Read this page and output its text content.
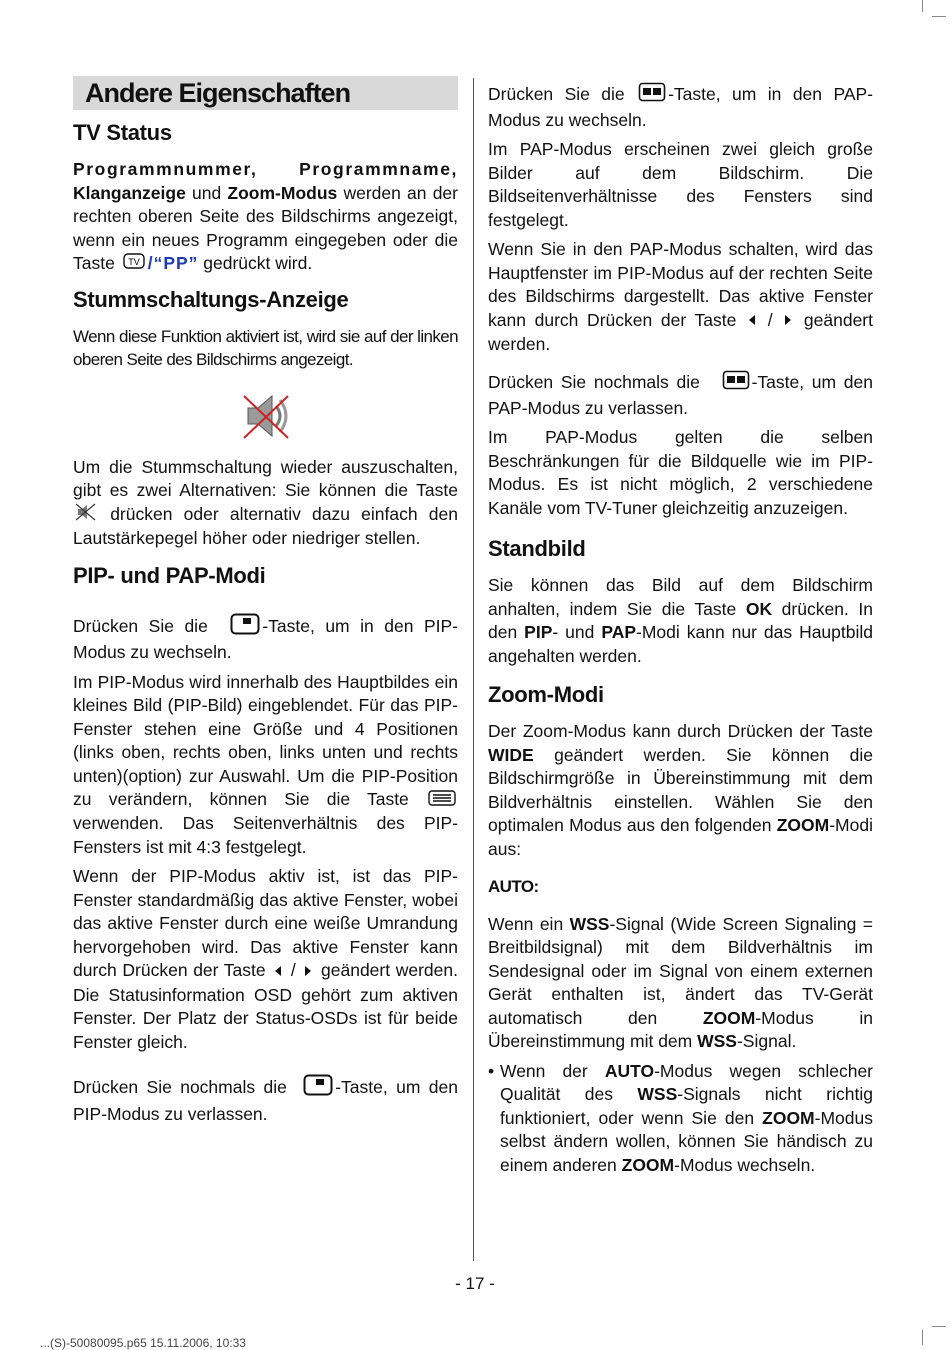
Andere Eigenschaften
TV Status

Programmnummer, Programmname, Klanganzeige und Zoom-Modus werden an der rechten oberen Seite des Bildschirms angezeigt, wenn ein neues Programm eingegeben oder die Taste TV /“PP” gedrückt wird.

Stummschaltungs-Anzeige

Wenn diese Funktion aktiviert ist, wird sie auf der linken oberen Seite des Bildschirms angezeigt.

Um die Stummschaltung wieder auszuschalten, gibt es zwei Alternativen: Sie können die Taste  drücken oder alternativ dazu einfach den Lautstärkepegel höher oder niedriger stellen.

PIP- und PAP-Modi

Drücken Sie die	-Taste, um in den PIP-Modus zu wechseln.

Im PIP-Modus wird innerhalb des Hauptbildes ein kleines Bild (PIP-Bild) eingeblendet. Für das PIP-Fenster stehen eine Größe und 4 Positionen (links oben, rechts oben, links unten und rechts unten)(option) zur Auswahl. Um die PIP-Position zu verändern, können Sie die Taste  verwenden. Das Seitenverhältnis des PIP-Fensters ist mit 4:3 festgelegt.

Wenn der PIP-Modus aktiv ist, ist das PIP-Fenster standardmäßig das aktive Fenster, wobei das aktive Fenster durch eine weiße Umrandung hervorgehoben wird. Das aktive Fenster kann durch Drücken der Taste  /  geändert werden. Die Statusinformation OSD gehört zum aktiven Fenster. Der Platz der Status-OSDs ist für beide Fenster gleich.

Drücken Sie nochmals die -Taste, um den PIP-Modus zu verlassen.

Drücken Sie die -Taste, um in den PAP-Modus zu wechseln.

Im PAP-Modus erscheinen zwei gleich große Bilder auf dem Bildschirm. Die Bildseitenverhältnisse des Fensters sind festgelegt.

Wenn Sie in den PAP-Modus schalten, wird das Hauptfenster im PIP-Modus auf der rechten Seite des Bildschirms dargestellt. Das aktive Fenster kann durch Drücken der Taste  /  geändert werden.

Drücken Sie nochmals die	-Taste, um den PAP-Modus zu verlassen.

Im PAP-Modus gelten die selben Beschränkungen für die Bildquelle wie im PIP-Modus. Es ist nicht möglich, 2 verschiedene Kanäle vom TV-Tuner gleichzeitig anzuzeigen.

Standbild

Sie können das Bild auf dem Bildschirm anhalten, indem Sie die Taste OK drücken. In den PIP- und PAP-Modi kann nur das Hauptbild angehalten werden.

Zoom-Modi

Der Zoom-Modus kann durch Drücken der Taste WIDE geändert werden. Sie können die Bildschirmgröße in Übereinstimmung mit dem Bildverhältnis einstellen. Wählen Sie den optimalen Modus aus den folgenden ZOOM-Modi aus:

AUTO:

Wenn ein WSS-Signal (Wide Screen Signaling = Breitbildsignal) mit dem Bildverhältnis im Sendesignal oder im Signal von einem externen Gerät enthalten ist, ändert das TV-Gerät automatisch den ZOOM-Modus in Übereinstimmung mit dem WSS-Signal.

• Wenn der AUTO-Modus wegen schlecher Qualität des WSS-Signals nicht richtig funktioniert, oder wenn Sie den ZOOM-Modus selbst ändern wollen, können Sie händisch zu einem anderen ZOOM-Modus wechseln.
- 17 -
...(S)-50080095.p65 15.11.2006, 10:33
